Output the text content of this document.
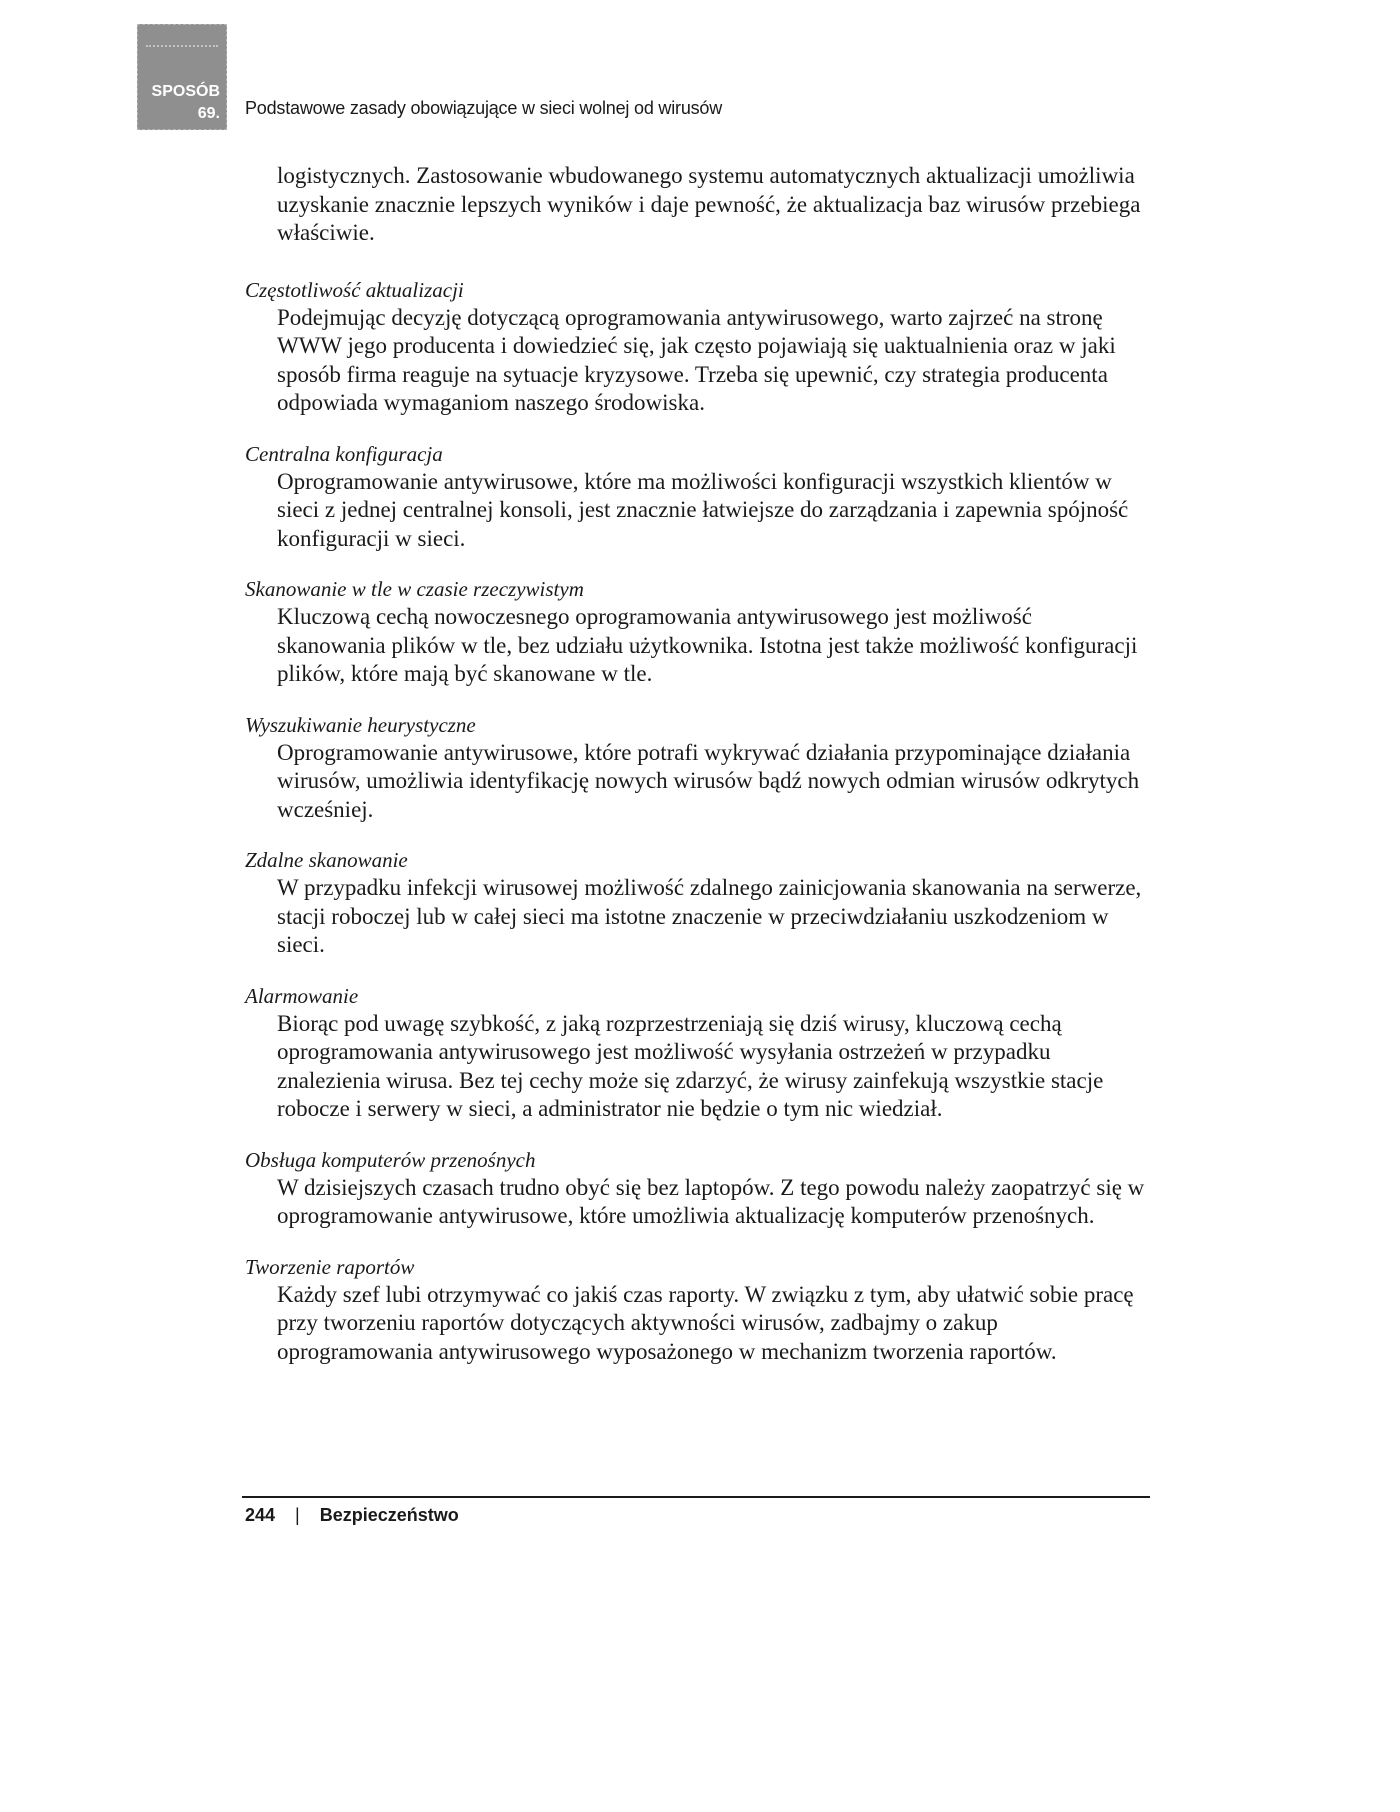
SPOSÓB
69. Podstawowe zasady obowiązujące w sieci wolnej od wirusów

logistycznych. Zastosowanie wbudowanego systemu automatycznych aktualizacji umożliwia uzyskanie znacznie lepszych wyników i daje pewność, że aktualizacja baz wirusów przebiega właściwie.

Częstotliwość aktualizacji

Podejmując decyzję dotyczącą oprogramowania antywirusowego, warto zajrzeć na stronę WWW jego producenta i dowiedzieć się, jak często pojawiają się uaktualnienia oraz w jaki sposób firma reaguje na sytuacje kryzysowe. Trzeba się upewnić, czy strategia producenta odpowiada wymaganiom naszego środowiska.

Centralna konfiguracja

Oprogramowanie antywirusowe, które ma możliwości konfiguracji wszystkich klientów w sieci z jednej centralnej konsoli, jest znacznie łatwiejsze do zarządzania i zapewnia spójność konfiguracji w sieci.

Skanowanie w tle w czasie rzeczywistym

Kluczową cechą nowoczesnego oprogramowania antywirusowego jest możliwość skanowania plików w tle, bez udziału użytkownika. Istotna jest także możliwość konfiguracji plików, które mają być skanowane w tle.

Wyszukiwanie heurystyczne

Oprogramowanie antywirusowe, które potrafi wykrywać działania przypominające działania wirusów, umożliwia identyfikację nowych wirusów bądź nowych odmian wirusów odkrytych wcześniej.

Zdalne skanowanie

W przypadku infekcji wirusowej możliwość zdalnego zainicjowania skanowania na serwerze, stacji roboczej lub w całej sieci ma istotne znaczenie w przeciwdziałaniu uszkodzeniom w sieci.

Alarmowanie

Biorąc pod uwagę szybkość, z jaką rozprzestrzeniają się dziś wirusy, kluczową cechą oprogramowania antywirusowego jest możliwość wysyłania ostrzeżeń w przypadku znalezienia wirusa. Bez tej cechy może się zdarzyć, że wirusy zainfekują wszystkie stacje robocze i serwery w sieci, a administrator nie będzie o tym nic wiedział.

Obsługa komputerów przenośnych

W dzisiejszych czasach trudno obyć się bez laptopów. Z tego powodu należy zaopatrzyć się w oprogramowanie antywirusowe, które umożliwia aktualizację komputerów przenośnych.

Tworzenie raportów

Każdy szef lubi otrzymywać co jakiś czas raporty. W związku z tym, aby ułatwić sobie pracę przy tworzeniu raportów dotyczących aktywności wirusów, zadbajmy o zakup oprogramowania antywirusowego wyposażonego w mechanizm tworzenia raportów.

244 | Bezpieczeństwo
